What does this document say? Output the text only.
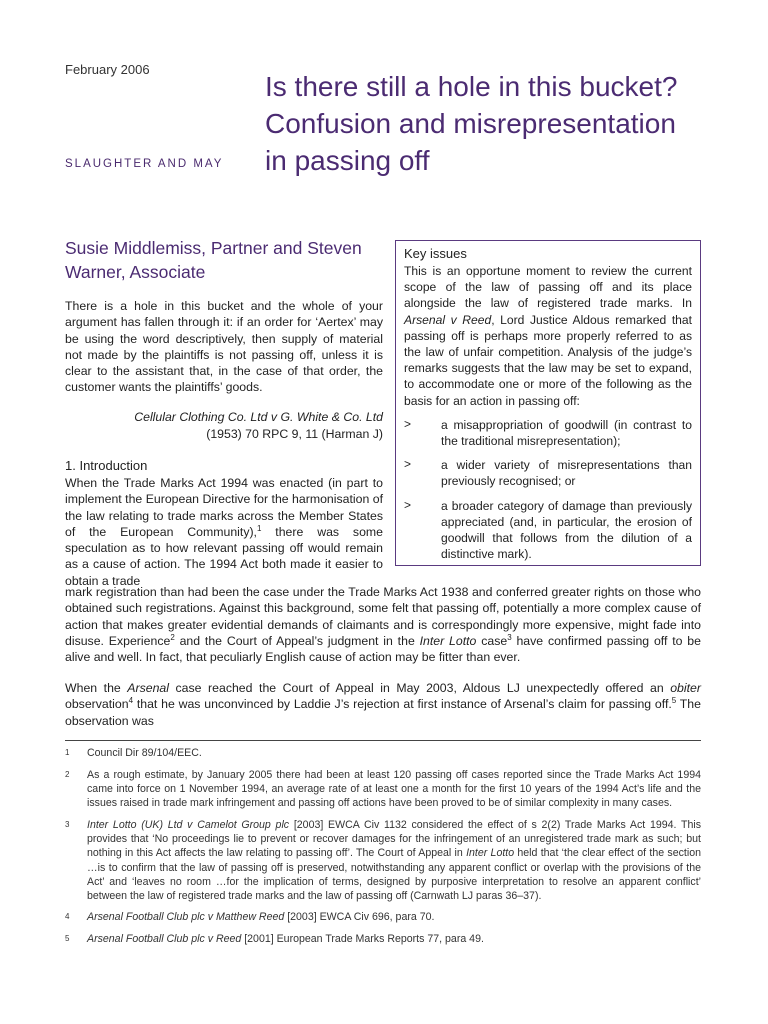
February 2006
SLAUGHTER AND MAY
Is there still a hole in this bucket?
Confusion and misrepresentation
in passing off
Susie Middlemiss, Partner and Steven Warner, Associate

There is a hole in this bucket and the whole of your argument has fallen through it: if an order for ‘Aertex’ may be using the word descriptively, then supply of material not made by the plaintiffs is not passing off, unless it is clear to the assistant that, in the case of that order, the customer wants the plaintiffs’ goods.

Cellular Clothing Co. Ltd v G. White & Co. Ltd
(1953) 70 RPC 9, 11 (Harman J)
1. Introduction

When the Trade Marks Act 1994 was enacted (in part to implement the European Directive for the harmonisation of the law relating to trade marks across the Member States of the European Community),$^1$ there was some speculation as to how relevant passing off would remain as a cause of action. The 1994 Act both made it easier to obtain a trade

Key issues

This is an opportune moment to review the current scope of the law of passing off and its place alongside the law of registered trade marks. In Arsenal v Reed, Lord Justice Aldous remarked that passing off is perhaps more properly referred to as the law of unfair competition. Analysis of the judge’s remarks suggests that the law may be set to expand, to accommodate one or more of the following as the basis for an action in passing off:

>	a misappropriation of goodwill (in contrast to the traditional misrepresentation);

>	a wider variety of misrepresentations than previously recognised; or

>	a broader category of damage than previously appreciated (and, in particular, the erosion of goodwill that follows from the dilution of a distinctive mark).

mark registration than had been the case under the Trade Marks Act 1938 and conferred greater rights on those who obtained such registrations. Against this background, some felt that passing off, potentially a more complex cause of action that makes greater evidential demands of claimants and is correspondingly more expensive, might fade into disuse. Experience$^2$ and the Court of Appeal’s judgment in the Inter Lotto case$^3$ have confirmed passing off to be alive and well. In fact, that peculiarly English cause of action may be fitter than ever.

When the Arsenal case reached the Court of Appeal in May 2003, Aldous LJ unexpectedly offered an obiter observation$^4$ that he was unconvinced by Laddie J’s rejection at first instance of Arsenal’s claim for passing off.$^5$ The observation was

1	Council Dir 89/104/EEC.
2	As a rough estimate, by January 2005 there had been at least 120 passing off cases reported since the Trade Marks Act 1994 came into force on 1 November 1994, an average rate of at least one a month for the first 10 years of the 1994 Act’s life and the issues raised in trade mark infringement and passing off actions have been proved to be of similar complexity in many cases.
3	Inter Lotto (UK) Ltd v Camelot Group plc [2003] EWCA Civ 1132 considered the effect of s 2(2) Trade Marks Act 1994. This provides that ‘No proceedings lie to prevent or recover damages for the infringement of an unregistered trade mark as such; but nothing in this Act affects the law relating to passing off’. The Court of Appeal in Inter Lotto held that ‘the clear effect of the section …is to confirm that the law of passing off is preserved, notwithstanding any apparent conflict or overlap with the provisions of the Act’ and ‘leaves no room …for the implication of terms, designed by purposive interpretation to resolve an apparent conflict’ between the law of registered trade marks and the law of passing off (Carnwath LJ paras 36–37).
4	Arsenal Football Club plc v Matthew Reed [2003] EWCA Civ 696, para 70.
5	Arsenal Football Club plc v Reed [2001] European Trade Marks Reports 77, para 49.
